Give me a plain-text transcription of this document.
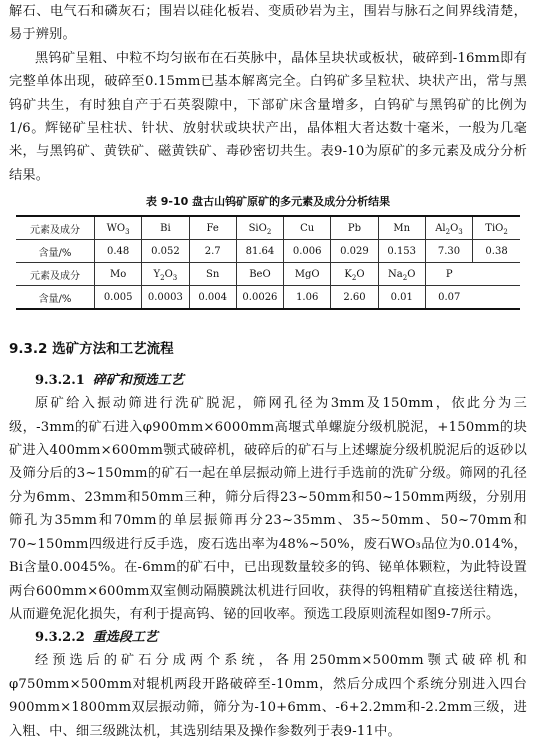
解石、电气石和磷灰石；围岩以硅化板岩、变质砂岩为主，围岩与脉石之间界线清楚，易于辨别。

黑钨矿呈粗、中粒不均匀嵌布在石英脉中，晶体呈块状或板状，破碎到-16mm即有完整单体出现，破碎至0.15mm已基本解离完全。白钨矿多呈粒状、块状产出，常与黑钨矿共生，有时独自产于石英裂隙中，下部矿床含量增多，白钨矿与黑钨矿的比例为1/6。辉铋矿呈柱状、针状、放射状或块状产出，晶体粗大者达数十毫米，一般为几毫米，与黑钨矿、黄铁矿、磁黄铁矿、毒砂密切共生。表9-10为原矿的多元素及成分分析结果。

表 9-10 盘古山钨矿原矿的多元素及成分分析结果

元素及成分	$WO_3$	Bi	Fe	SiO$_2$	Cu	Pb	Mn	$Al_2O_3$	TiO$_2$
含量/%	0.48	0.052	2.7	81.64	0.006	0.029	0.153	7.30	0.38
元素及成分	Mo	$Y_2O_3$	Sn	BeO	MgO	$K_2O$	$Na_2O$	P	
含量/%	0.005	0.0003	0.004	0.0026	1.06	2.60	0.01	0.07	

9.3.2 选矿方法和工艺流程

9.3.2.1 碎矿和预选工艺

原矿给入振动筛进行洗矿脱泥，筛网孔径为3mm及150mm，依此分为三级，-3mm的矿石进入φ900mm×6000mm高堰式单螺旋分级机脱泥，+150mm的块矿进入400mm×600mm颚式破碎机，破碎后的矿石与上述螺旋分级机脱泥后的返砂以及筛分后的3~150mm的矿石一起在单层振动筛上进行手选前的洗矿分级。筛网的孔径分为6mm、23mm和50mm三种，筛分后得23~50mm和50~150mm两级，分别用筛孔为35mm和70mm的单层振筛再分23~35mm、35~50mm、50~70mm和70~150mm四级进行反手选，废石选出率为48%~50%，废石WO₃品位为0.014%，Bi含量0.0045%。在-6mm的矿石中，已出现数量较多的钨、铋单体颗粒，为此特设置两台600mm×600mm双室侧动隔膜跳汰机进行回收，获得的钨粗精矿直接送往精选，从而避免泥化损失，有利于提高钨、铋的回收率。预选工段原则流程如图9-7所示。

9.3.2.2 重选段工艺

经预选后的矿石分成两个系统，各用250mm×500mm颚式破碎机和φ750mm×500mm对辊机两段开路破碎至-10mm，然后分成四个系统分别进入四台900mm×1800mm双层振动筛，筛分为-10+6mm、-6+2.2mm和-2.2mm三级，进入粗、中、细三级跳汰机，其选别结果及操作参数列于表9-11中。
